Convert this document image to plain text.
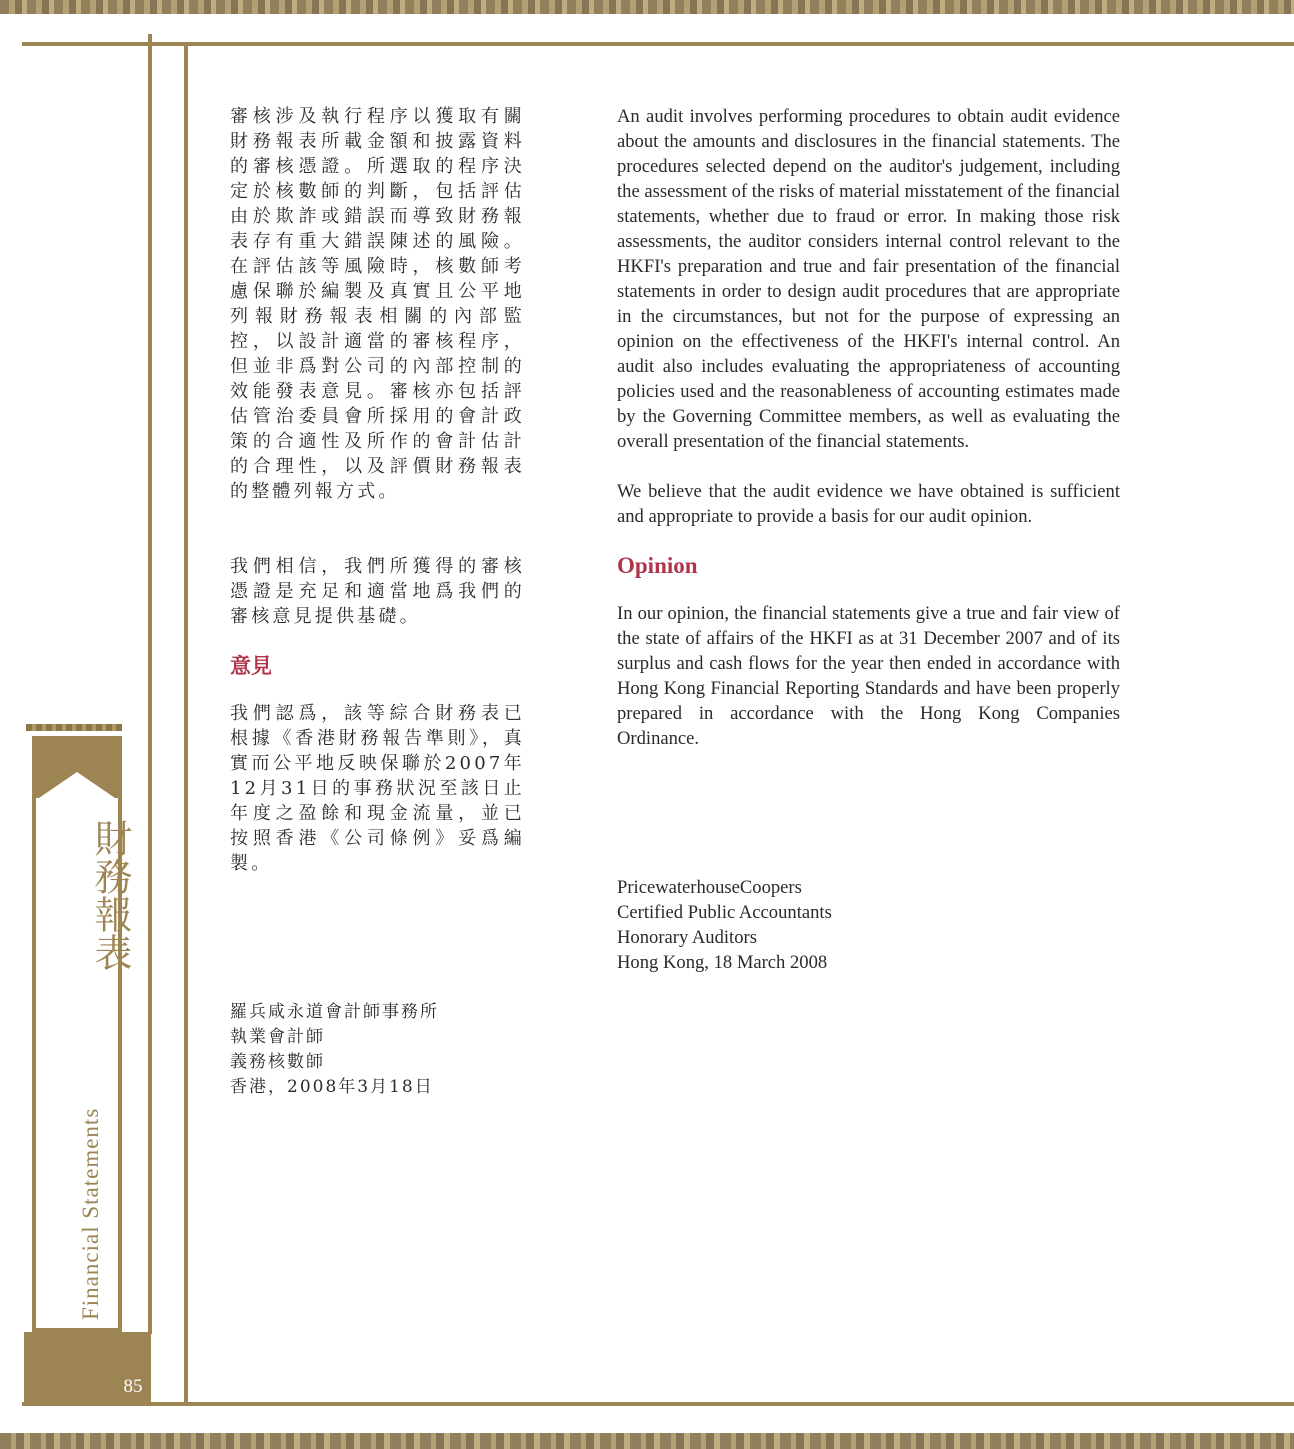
財務報表
Financial Statements
85

審核涉及執行程序以獲取有關財務報表所載金額和披露資料的審核憑證。所選取的程序決定於核數師的判斷，包括評估由於欺詐或錯誤而導致財務報表存有重大錯誤陳述的風險。在評估該等風險時，核數師考慮保聯於編製及真實且公平地列報財務報表相關的內部監控，以設計適當的審核程序，但並非爲對公司的內部控制的效能發表意見。審核亦包括評估管治委員會所採用的會計政策的合適性及所作的會計估計的合理性，以及評價財務報表的整體列報方式。

我們相信，我們所獲得的審核憑證是充足和適當地爲我們的審核意見提供基礎。

意見

我們認爲，該等綜合財務表已根據《香港財務報告準則》，真實而公平地反映保聯於2007年12月31日的事務狀況至該日止年度之盈餘和現金流量，並已按照香港《公司條例》妥爲編製。

羅兵咸永道會計師事務所

執業會計師

義務核數師

香港，2008年3月18日

An audit involves performing procedures to obtain audit evidence about the amounts and disclosures in the financial statements. The procedures selected depend on the auditor's judgement, including the assessment of the risks of material misstatement of the financial statements, whether due to fraud or error. In making those risk assessments, the auditor considers internal control relevant to the HKFI's preparation and true and fair presentation of the financial statements in order to design audit procedures that are appropriate in the circumstances, but not for the purpose of expressing an opinion on the effectiveness of the HKFI's internal control. An audit also includes evaluating the appropriateness of accounting policies used and the reasonableness of accounting estimates made by the Governing Committee members, as well as evaluating the overall presentation of the financial statements.

We believe that the audit evidence we have obtained is sufficient and appropriate to provide a basis for our audit opinion.

Opinion

In our opinion, the financial statements give a true and fair view of the state of affairs of the HKFI as at 31 December 2007 and of its surplus and cash flows for the year then ended in accordance with Hong Kong Financial Reporting Standards and have been properly prepared in accordance with the Hong Kong Companies Ordinance.

PricewaterhouseCoopers

Certified Public Accountants

Honorary Auditors

Hong Kong, 18 March 2008
